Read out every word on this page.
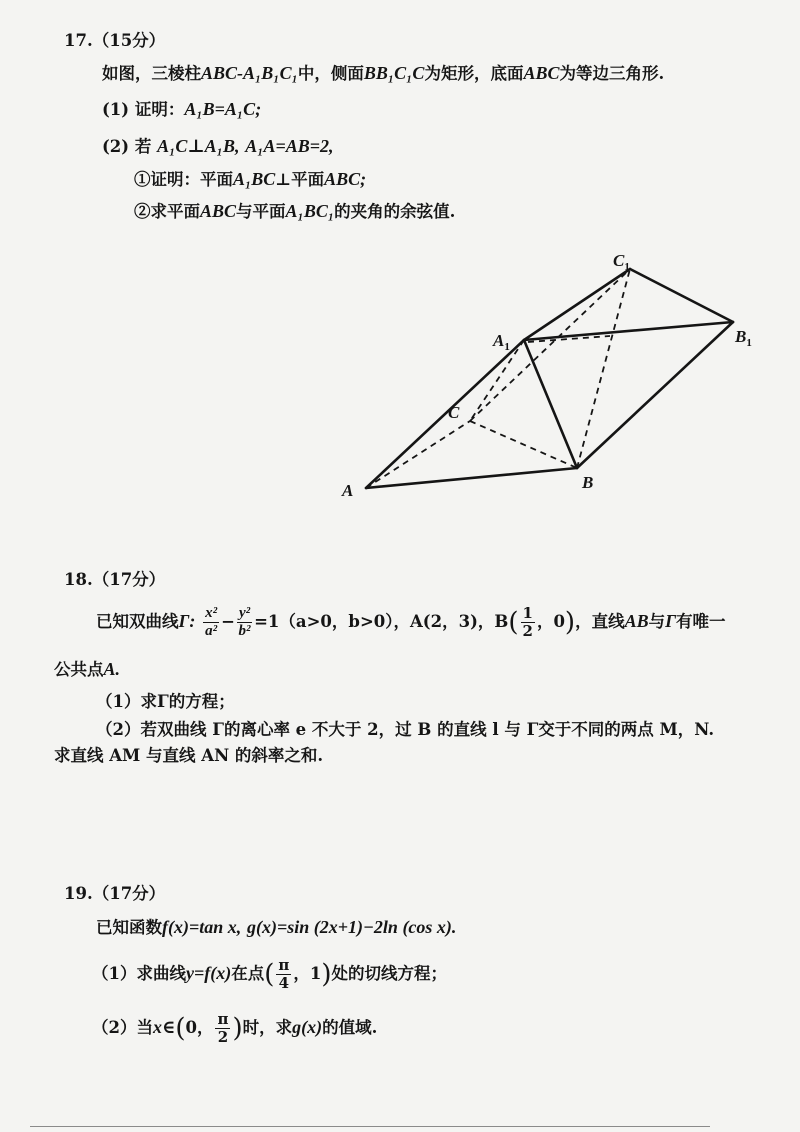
17.（15分）
如图，三棱柱ABC-A₁B₁C₁中，侧面BB₁C₁C为矩形，底面ABC为等边三角形.
(1) 证明：A₁B=A₁C;
(2) 若 A₁C⊥A₁B, A₁A=AB=2,
①证明：平面A₁BC⊥平面ABC;
②求平面ABC与平面A₁BC₁的夹角的余弦值.
A	B
C
$A_1$
$B_1$
$C_1$
18.（17分）
已知双曲线Γ: $\frac{\text{x²}}{\text{a²}} - \frac{\text{y²}}{\text{b²}} =1(a>0$，b>0），A(2，3)，$B( \frac{1}{2}$ ，0)，直线AB与Γ有唯一
公共点A.
（1）求Γ的方程；
（2）若双曲线 Γ的离心率 e 不大于 2，过 B 的直线 l 与 Γ交于不同的两点 M，N.
求直线 AM 与直线 AN 的斜率之和.
19.（17分）
已知函数f(x)=tan x, g(x)=sin (2x+1)−2ln (cos x).
（1）求曲线y=f(x)在点( $\frac{\pi}{4}$ ，1)处的切线方程；
（2）当x∈(0， $\frac{\pi}{2}$ )时，求g(x)的值域.
